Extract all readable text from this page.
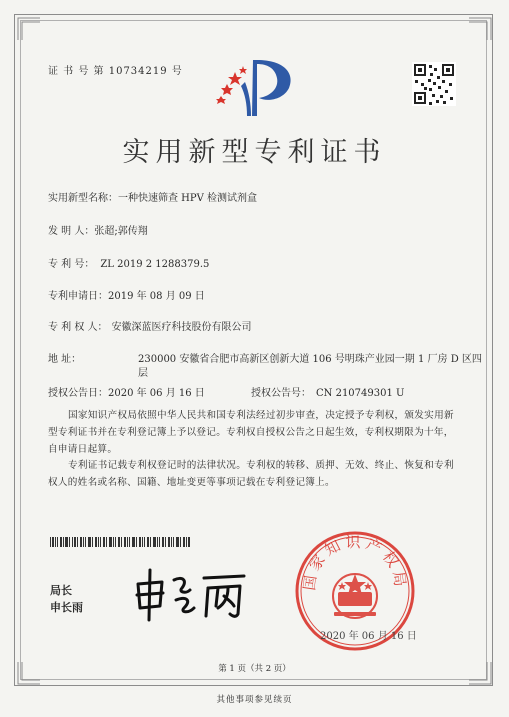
证 书 号 第 10734219 号
实用新型专利证书
实用新型名称：一种快速筛查 HPV 检测试剂盒
发 明 人：张超;郭传翔
专 利 号： ZL 2019 2 1288379.5
专利申请日：2019 年 08 月 09 日
专 利 权 人： 安徽深蓝医疗科技股份有限公司
地 址：	230000 安徽省合肥市高新区创新大道 106 号明珠产业园一期 1 厂房 D 区四层
授权公告日：2020 年 06 月 16 日	授权公告号： CN 210749301 U
国家知识产权局依照中华人民共和国专利法经过初步审查，决定授予专利权，颁发实用新型专利证书并在专利登记簿上予以登记。专利权自授权公告之日起生效，专利权期限为十年，自申请日起算。
专利证书记载专利权登记时的法律状况。专利权的转移、质押、无效、终止、恢复和专利权人的姓名或名称、国籍、地址变更等事项记载在专利登记簿上。
局长
申长雨
国家知识产权局
2020 年 06 月 16 日
第 1 页（共 2 页）
其他事项参见续页
